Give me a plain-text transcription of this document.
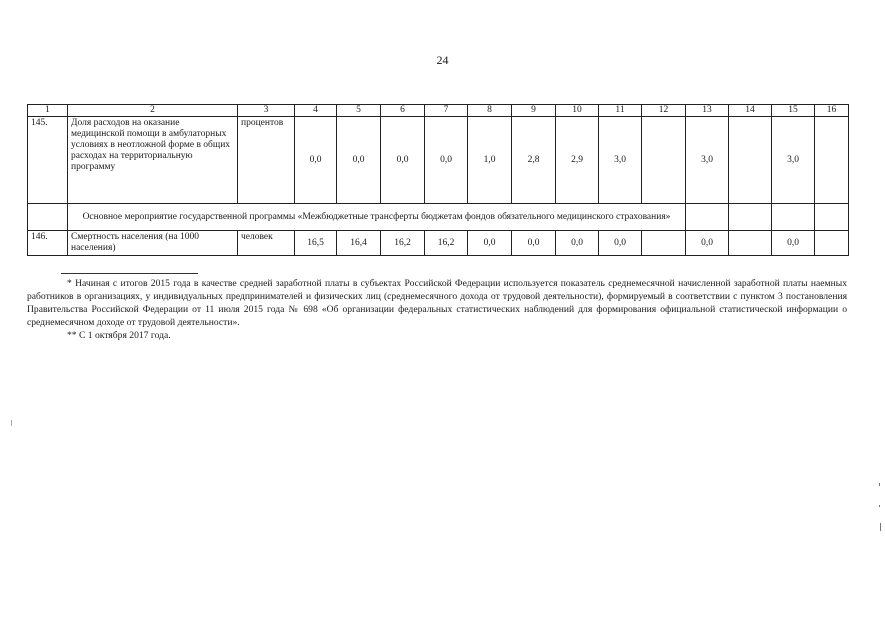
24
1	2	3	4	5	6	7	8	9	10	11	12	13	14	15	16
145.	Доля расходов на оказание медицинской помощи в амбулаторных условиях в неотложной форме в общих расходах на территориальную программу	процентов	0,0	0,0	0,0	0,0	1,0	2,8	2,9	3,0		3,0		3,0	
	Основное мероприятие государственной программы «Межбюджетные трансферты бюджетам фондов обязательного медицинского страхования»														
146.	Смертность населения (на 1000 населения)	человек	16,5	16,4	16,2	16,2	0,0	0,0	0,0	0,0		0,0		0,0	

* Начиная с итогов 2015 года в качестве средней заработной платы в субъектах Российской Федерации используется показатель среднемесячной начисленной заработной платы наемных работников в организациях, у индивидуальных предпринимателей и физических лиц (среднемесячного дохода от трудовой деятельности), формируемый в соответствии с пунктом 3 постановления Правительства Российской Федерации от 11 июля 2015 года № 698 «Об организации федеральных статистических наблюдений для формирования официальной статистической информации о среднемесячном доходе от трудовой деятельности».

** С 1 октября 2017 года.
